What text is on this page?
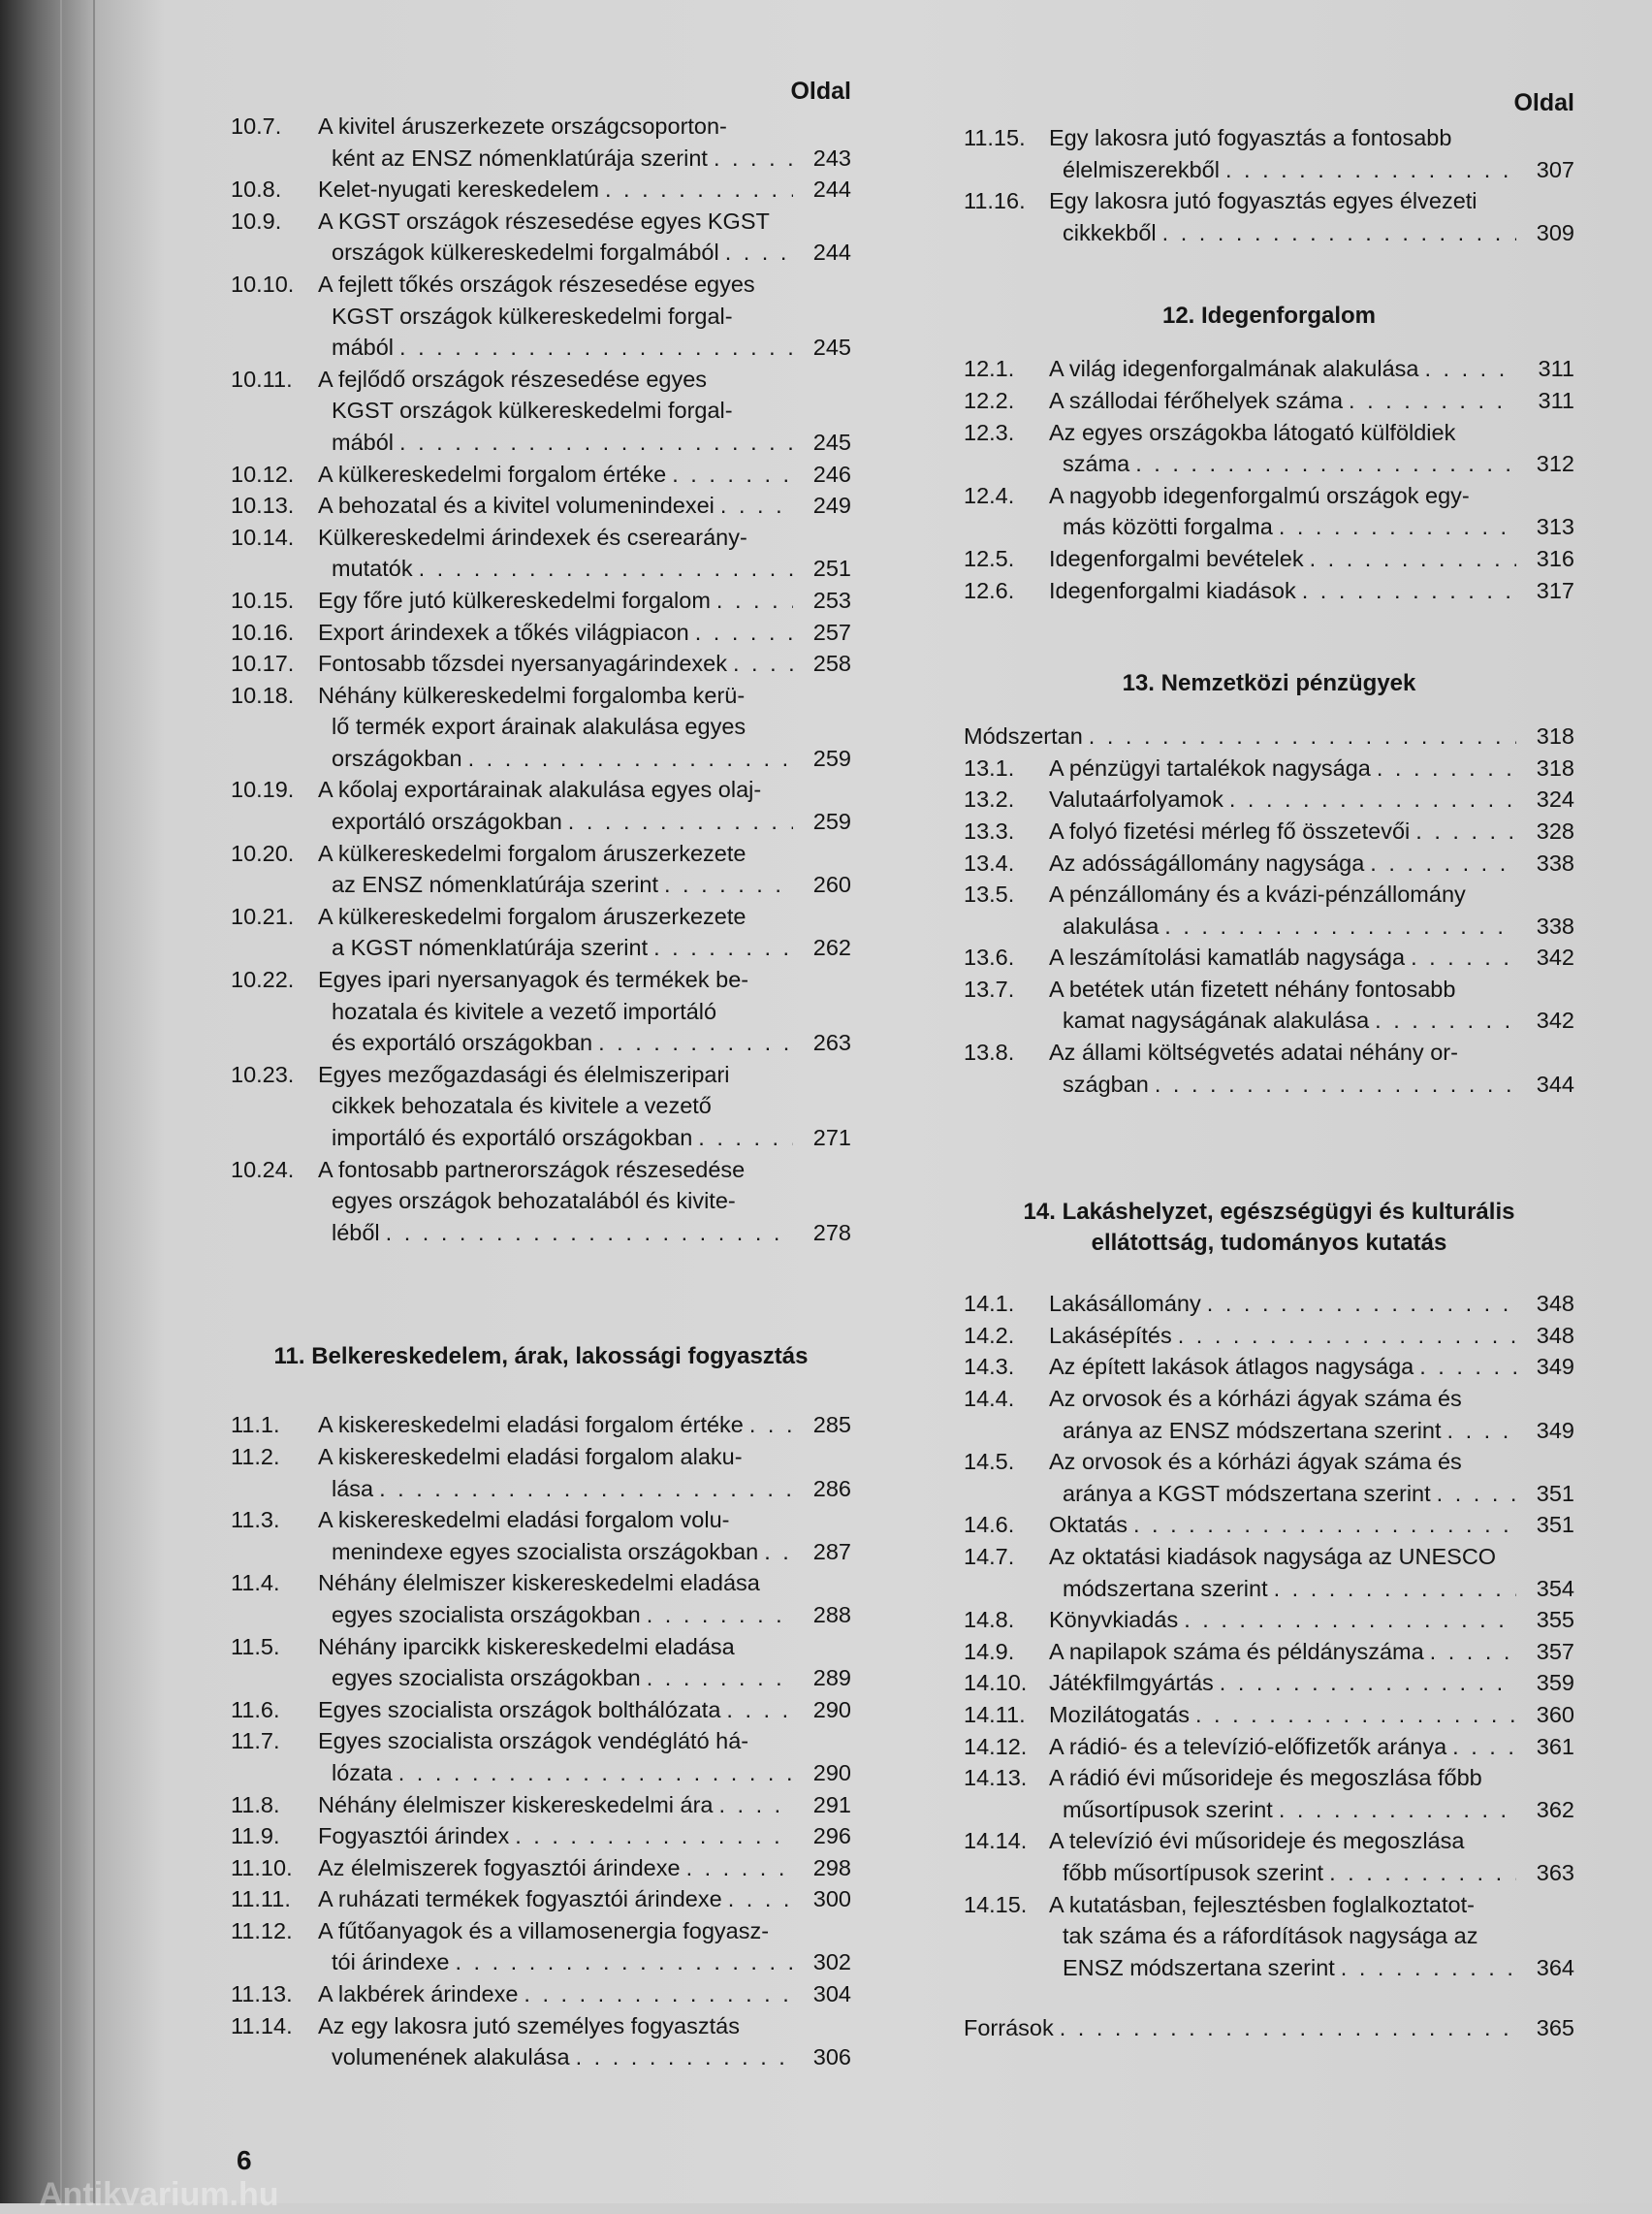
Oldal
10.7. A kivitel áruszerkezete országcsoporton-
ként az ENSZ nómenklatúrája szerint . . .	243
10.8. Kelet-nyugati kereskedelem . . .	244
10.9. A KGST országok részesedése egyes KGST
országok külkereskedelmi forgalmából . . .	244
10.10. A fejlett tőkés országok részesedése egyes
KGST országok külkereskedelmi forgal-
mából . . .	245
10.11. A fejlődő országok részesedése egyes
KGST országok külkereskedelmi forgal-
mából . . .	245
10.12. A külkereskedelmi forgalom értéke . . .	246
10.13. A behozatal és a kivitel volumenindexei . . .	249
10.14. Külkereskedelmi árindexek és cserearány-
mutatók . . .	251
10.15. Egy főre jutó külkereskedelmi forgalom . . .	253
10.16. Export árindexek a tőkés világpiacon . . .	257
10.17. Fontosabb tőzsdei nyersanyagárindexek . . .	258
10.18. Néhány külkereskedelmi forgalomba kerü-
lő termék export árainak alakulása egyes
országokban . . .	259
10.19. A kőolaj exportárainak alakulása egyes olaj-
exportáló országokban . . .	259
10.20. A külkereskedelmi forgalom áruszerkezete
az ENSZ nómenklatúrája szerint . . .	260
10.21. A külkereskedelmi forgalom áruszerkezete
a KGST nómenklatúrája szerint . . .	262
10.22. Egyes ipari nyersanyagok és termékek be-
hozatala és kivitele a vezető importáló
és exportáló országokban . . .	263
10.23. Egyes mezőgazdasági és élelmiszeripari
cikkek behozatala és kivitele a vezető
importáló és exportáló országokban . . .	271
10.24. A fontosabb partnerországok részesedése
egyes országok behozatalából és kivite-
léből . . .	278
11. Belkereskedelem, árak, lakossági fogyasztás
11.1. A kiskereskedelmi eladási forgalom értéke . . .	285
11.2. A kiskereskedelmi eladási forgalom alaku-
lása . . .	286
11.3. A kiskereskedelmi eladási forgalom volu-
menindexe egyes szocialista országokban . . . 287
11.4. Néhány élelmiszer kiskereskedelmi eladása
egyes szocialista országokban . . .	288
11.5. Néhány iparcikk kiskereskedelmi eladása
egyes szocialista országokban . . .	289
11.6. Egyes szocialista országok bolthálózata . . .	290
11.7. Egyes szocialista országok vendéglátó há-
lózata . . .	290
11.8. Néhány élelmiszer kiskereskedelmi ára . . .	291
11.9. Fogyasztói árindex . . .	296
11.10. Az élelmiszerek fogyasztói árindexe . . .	298
11.11. A ruházati termékek fogyasztói árindexe . . .	300
11.12. A fűtőanyagok és a villamosenergia fogyasz-
tói árindexe . . .	302
11.13. A lakbérek árindexe . . .	304
11.14. Az egy lakosra jutó személyes fogyasztás
volumenének alakulása . . .	306
Oldal
11.15. Egy lakosra jutó fogyasztás a fontosabb
élelmiszerekből . . .	307
11.16. Egy lakosra jutó fogyasztás egyes élvezeti
cikkekből . . .	309
12. Idegenforgalom
12.1. A világ idegenforgalmának alakulása . . .	311
12.2. A szállodai férőhelyek száma . . .	311
12.3. Az egyes országokba látogató külföldiek
száma . . .	312
12.4. A nagyobb idegenforgalmú országok egy-
más közötti forgalma . . .	313
12.5. Idegenforgalmi bevételek . . .	316
12.6. Idegenforgalmi kiadások . . .	317
13. Nemzetközi pénzügyek
Módszertan . . .	318
13.1. A pénzügyi tartalékok nagysága . . .	318
13.2. Valutaárfolyamok . . .	324
13.3. A folyó fizetési mérleg fő összetevői . . .	328
13.4. Az adósságállomány nagysága . . .	338
13.5. A pénzállomány és a kvázi-pénzállomány
alakulása . . .	338
13.6. A leszámítolási kamatláb nagysága . . .	342
13.7. A betétek után fizetett néhány fontosabb
kamat nagyságának alakulása . . .	342
13.8. Az állami költségvetés adatai néhány or-
szágban . . .	344
14. Lakáshelyzet, egészségügyi és kulturális
ellátottság, tudományos kutatás
14.1. Lakásállomány . . .	348
14.2. Lakásépítés . . .	348
14.3. Az épített lakások átlagos nagysága . . .	349
14.4. Az orvosok és a kórházi ágyak száma és
aránya az ENSZ módszertana szerint . . .	349
14.5. Az orvosok és a kórházi ágyak száma és
aránya a KGST módszertana szerint . . .	351
14.6. Oktatás . . .	351
14.7. Az oktatási kiadások nagysága az UNESCO
módszertana szerint . . .	354
14.8. Könyvkiadás . . .	355
14.9. A napilapok száma és példányszáma . . .	357
14.10. Játékfilmgyártás . . .	359
14.11. Mozilátogatás . . .	360
14.12. A rádió- és a televízió-előfizetők aránya . . .	361
14.13. A rádió évi műsorideje és megoszlása főbb
műsortípusok szerint . . .	362
14.14. A televízió évi műsorideje és megoszlása
főbb műsortípusok szerint . . .	363
14.15. A kutatásban, fejlesztésben foglalkoztatot-
tak száma és a ráfordítások nagysága az
ENSZ módszertana szerint . . .	364
Források . . .	365
6
Antikvarium.hu
